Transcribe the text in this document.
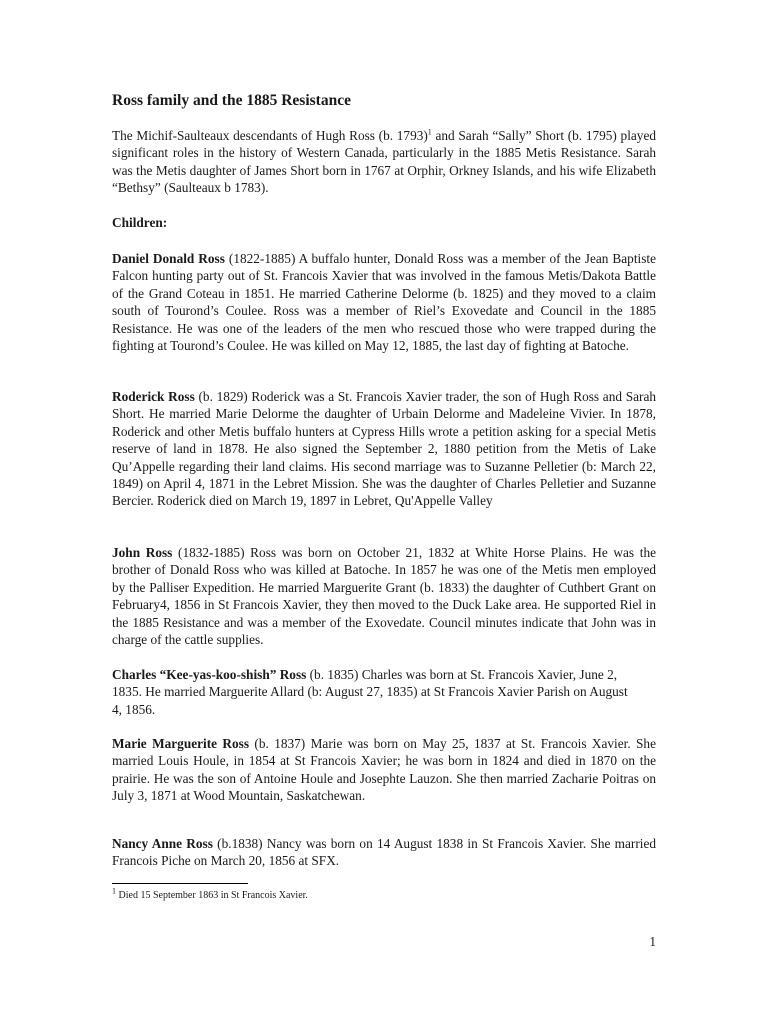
Ross family and the 1885 Resistance

The Michif-Saulteaux descendants of Hugh Ross (b. 1793)$^1$ and Sarah “Sally” Short (b. 1795) played significant roles in the history of Western Canada, particularly in the 1885 Metis Resistance. Sarah was the Metis daughter of James Short born in 1767 at Orphir, Orkney Islands, and his wife Elizabeth “Bethsy” (Saulteaux b 1783).

Children:

Daniel Donald Ross (1822-1885) A buffalo hunter, Donald Ross was a member of the Jean Baptiste Falcon hunting party out of St. Francois Xavier that was involved in the famous Metis/Dakota Battle of the Grand Coteau in 1851. He married Catherine Delorme (b. 1825) and they moved to a claim south of Tourond’s Coulee. Ross was a member of Riel’s Exovedate and Council in the 1885 Resistance. He was one of the leaders of the men who rescued those who were trapped during the fighting at Tourond’s Coulee. He was killed on May 12, 1885, the last day of fighting at Batoche.

Roderick Ross (b. 1829) Roderick was a St. Francois Xavier trader, the son of Hugh Ross and Sarah Short. He married Marie Delorme the daughter of Urbain Delorme and Madeleine Vivier. In 1878, Roderick and other Metis buffalo hunters at Cypress Hills wrote a petition asking for a special Metis reserve of land in 1878. He also signed the September 2, 1880 petition from the Metis of Lake Qu’Appelle regarding their land claims. His second marriage was to Suzanne Pelletier (b: March 22, 1849) on April 4, 1871 in the Lebret Mission. She was the daughter of Charles Pelletier and Suzanne Bercier. Roderick died on March 19, 1897 in Lebret, Qu'Appelle Valley

John Ross (1832-1885) Ross was born on October 21, 1832 at White Horse Plains. He was the brother of Donald Ross who was killed at Batoche. In 1857 he was one of the Metis men employed by the Palliser Expedition. He married Marguerite Grant (b. 1833) the daughter of Cuthbert Grant on February4, 1856 in St Francois Xavier, they then moved to the Duck Lake area. He supported Riel in the 1885 Resistance and was a member of the Exovedate. Council minutes indicate that John was in charge of the cattle supplies.

Charles “Kee-yas-koo-shish” Ross (b. 1835) Charles was born at St. Francois Xavier, June 2, 1835. He married Marguerite Allard (b: August 27, 1835) at St Francois Xavier Parish on August 4, 1856.

Marie Marguerite Ross (b. 1837) Marie was born on May 25, 1837 at St. Francois Xavier. She married Louis Houle, in 1854 at St Francois Xavier; he was born in 1824 and died in 1870 on the prairie. He was the son of Antoine Houle and Josephte Lauzon. She then married Zacharie Poitras on July 3, 1871 at Wood Mountain, Saskatchewan.

Nancy Anne Ross (b.1838) Nancy was born on 14 August 1838 in St Francois Xavier. She married Francois Piche on March 20, 1856 at SFX.

$^1$ Died 15 September 1863 in St Francois Xavier.

1
